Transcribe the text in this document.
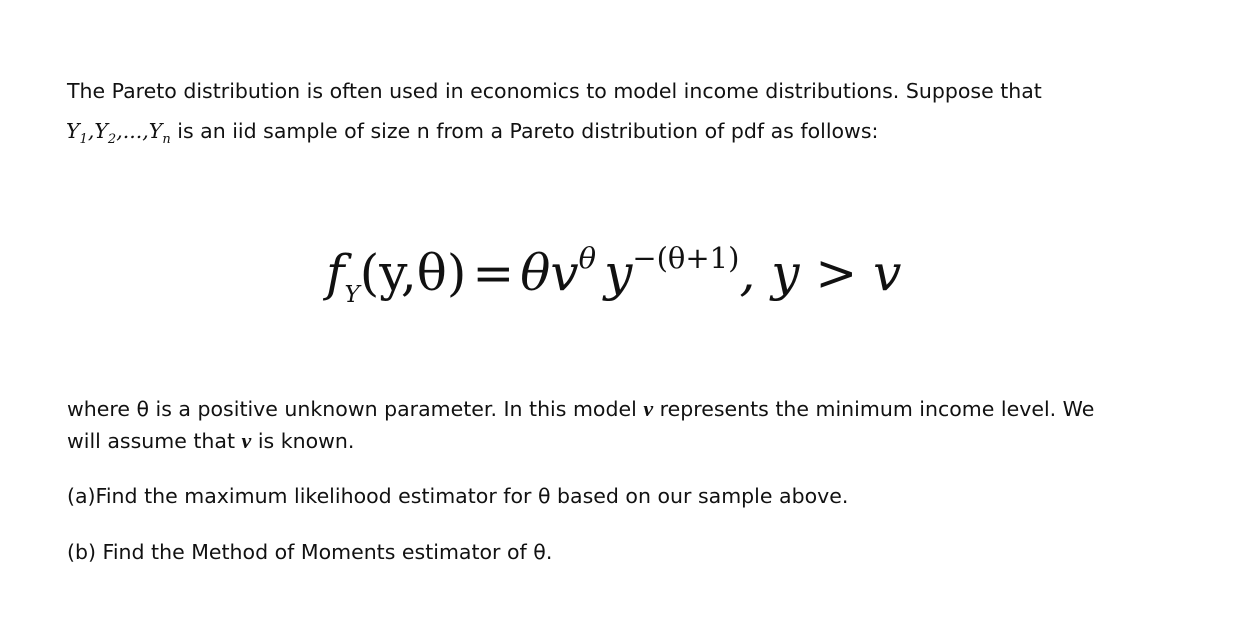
The Pareto distribution is often used in economics to model income distributions. Suppose that
$Y_1,Y_2,...,Y_n$ is an iid sample of size n from a Pareto distribution of pdf as follows:
$f_Y(y,\theta) = \theta v^\theta$ $y^{-(\theta+1)}$, y > v
where θ is a positive unknown parameter. In this model v represents the minimum income level. We
will assume that v is known.
(a)Find the maximum likelihood estimator for θ based on our sample above.
(b) Find the Method of Moments estimator of θ.
